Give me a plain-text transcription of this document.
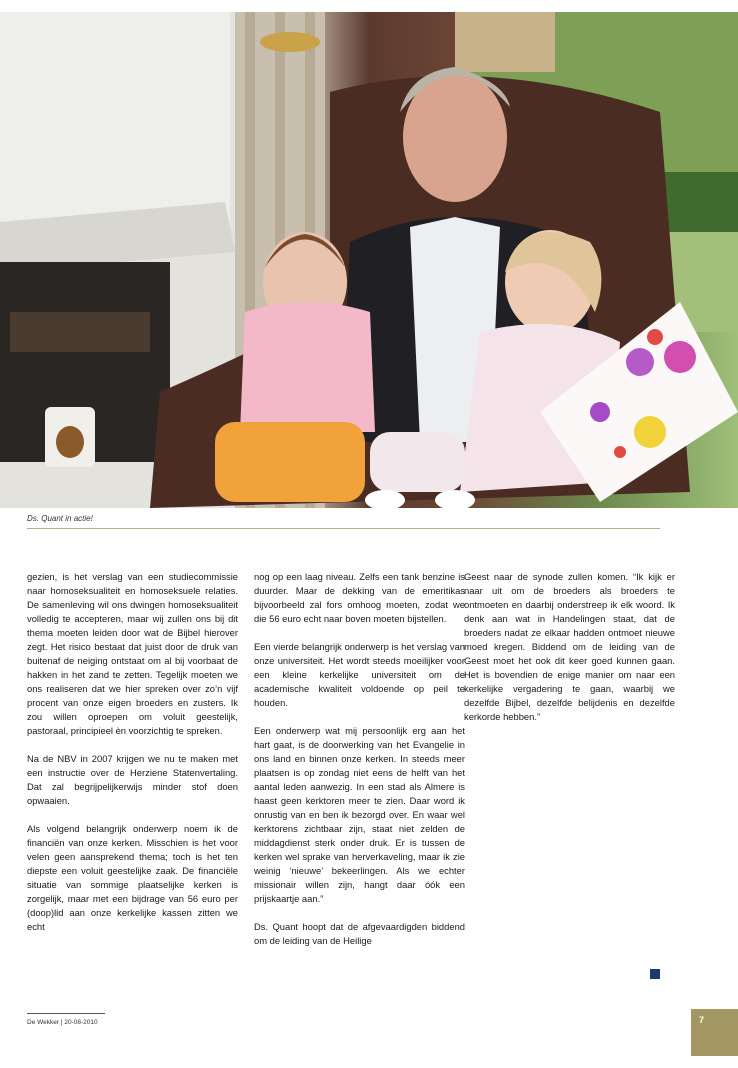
Ds. Quant in actie!

gezien, is het verslag van een studiecommissie naar homoseksualiteit en homoseksuele relaties. De samenleving wil ons dwingen homoseksualiteit volledig te accepteren, maar wij zullen ons bij dit thema moeten leiden door wat de Bijbel hierover zegt. Het risico bestaat dat juist door de druk van buitenaf de neiging ontstaat om al bij voorbaat de hakken in het zand te zetten. Tegelijk moeten we ons realiseren dat we hier spreken over zo’n vijf procent van onze eigen broeders en zusters. Ik zou willen oproepen om voluit geestelijk, pastoraal, principieel èn voorzichtig te spreken.

Na de NBV in 2007 krijgen we nu te maken met een instructie over de Herziene Statenvertaling. Dat zal begrijpelijkerwijs minder stof doen opwaaien.

Als volgend belangrijk onderwerp noem ik de financiën van onze kerken. Misschien is het voor velen geen aansprekend thema; toch is het ten diepste een voluit geestelijke zaak. De financiële situatie van sommige plaatselijke kerken is zorgelijk, maar met een bijdrage van 56 euro per (doop)lid aan onze kerkelijke kassen zitten we echt

nog op een laag niveau. Zelfs een tank benzine is duurder. Maar de dekking van de emeritikas bijvoorbeeld zal fors omhoog moeten, zodat we die 56 euro echt naar boven moeten bijstellen.

Een vierde belangrijk onderwerp is het verslag van onze universiteit. Het wordt steeds moeilijker voor een kleine kerkelijke universiteit om de academische kwaliteit voldoende op peil te houden.

Een onderwerp wat mij persoonlijk erg aan het hart gaat, is de doorwerking van het Evangelie in ons land en binnen onze kerken. In steeds meer plaatsen is op zondag niet eens de helft van het aantal leden aanwezig. In een stad als Almere is haast geen kerktoren meer te zien. Daar word ik onrustig van en ben ik bezorgd over. En waar wel kerktorens zichtbaar zijn, staat niet zelden de middagdienst sterk onder druk. Er is tussen de kerken wel sprake van herverkaveling, maar ik zie weinig ‘nieuwe’ bekeerlingen. Als we echter missionair willen zijn, hangt daar óók een prijskaartje aan.”

Ds. Quant hoopt dat de afgevaardigden biddend om de leiding van de Heilige

Geest naar de synode zullen komen. “Ik kijk er naar uit om de broeders als broeders te ontmoeten en daarbij onderstreep ik elk woord. Ik denk aan wat in Handelingen staat, dat de broeders nadat ze elkaar hadden ontmoet nieuwe moed kregen. Biddend om de leiding van de Geest moet het ook dit keer goed kunnen gaan. Het is bovendien de enige manier om naar een kerkelijke vergadering te gaan, waarbij we dezelfde Bijbel, dezelfde belijdenis en dezelfde kerkorde hebben.”

De Wekker | 20-08-2010	7
